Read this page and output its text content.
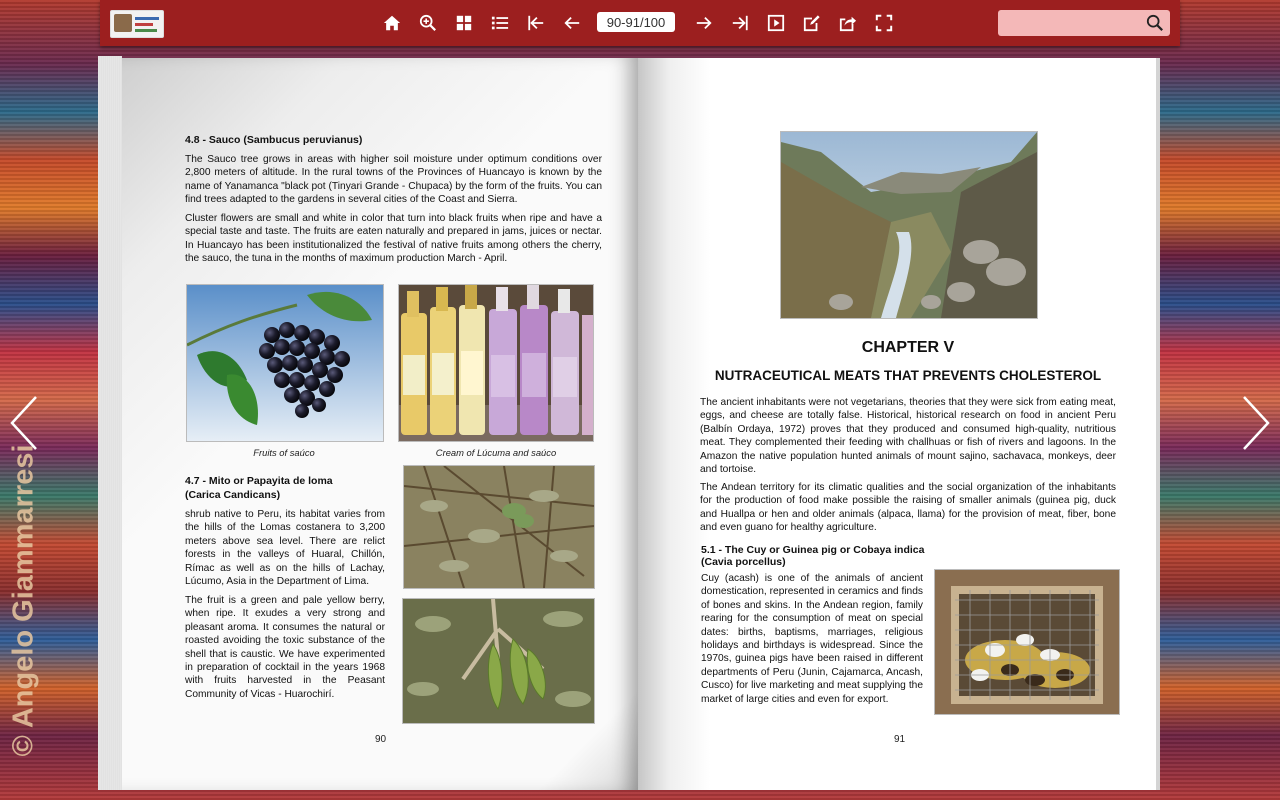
90-91/100
© Angelo Giammarresi
4.8 - Sauco (Sambucus peruvianus)
The Sauco tree grows in areas with higher soil moisture under optimum conditions over 2,800 meters of altitude. In the rural towns of the Provinces of Huancayo is known by the name of Yanamanca "black pot (Tinyari Grande - Chupaca) by the form of the fruits. You can find trees adapted to the gardens in several cities of the Coast and Sierra.
Cluster flowers are small and white in color that turn into black fruits when ripe and have a special taste and taste. The fruits are eaten naturally and prepared in jams, juices or nectar. In Huancayo has been institutionalized the festival of native fruits among others the cherry, the sauco, the tuna in the months of maximum production March - April.
Fruits of saúco	Cream of Lúcuma and saúco
4.7 - Mito or Papayita de loma
(Carica Candicans)
shrub native to Peru, its habitat varies from the hills of the Lomas costanera to 3,200 meters above sea level. There are relict forests in the valleys of Huaral, Chillón, Rímac as well as on the hills of Lachay, Lúcumo, Asia in the Department of Lima.
The fruit is a green and pale yellow berry, when ripe. It exudes a very strong and pleasant aroma. It consumes the natural or roasted avoiding the toxic substance of the shell that is caustic. We have experimented in preparation of cocktail in the years 1968 with fruits harvested in the Peasant Community of Vicas - Huarochirí.
90
CHAPTER V
NUTRACEUTICAL MEATS THAT PREVENTS CHOLESTEROL
The ancient inhabitants were not vegetarians, theories that they were sick from eating meat, eggs, and cheese are totally false. Historical, historical research on food in ancient Peru (Balbín Ordaya, 1972) proves that they produced and consumed high-quality, nutritious meat. They complemented their feeding with challhuas or fish of rivers and lagoons. In the Amazon the native population hunted animals of mount sajino, sachavaca, monkeys, deer and tortoise.
The Andean territory for its climatic qualities and the social organization of the inhabitants for the production of food make possible the raising of smaller animals (guinea pig, duck and Huallpa or hen and older animals (alpaca, llama) for the provision of meat, fiber, bone and even guano for healthy agriculture.
5.1 - The Cuy or Guinea pig or Cobaya indica
(Cavia porcellus)
Cuy (acash) is one of the animals of ancient domestication, represented in ceramics and finds of bones and skins. In the Andean region, family rearing for the consumption of meat on special dates: births, baptisms, marriages, religious holidays and birthdays is widespread. Since the 1970s, guinea pigs have been raised in different departments of Peru (Junin, Cajamarca, Ancash, Cusco) for live marketing and meat supplying the market of large cities and even for export.
91
